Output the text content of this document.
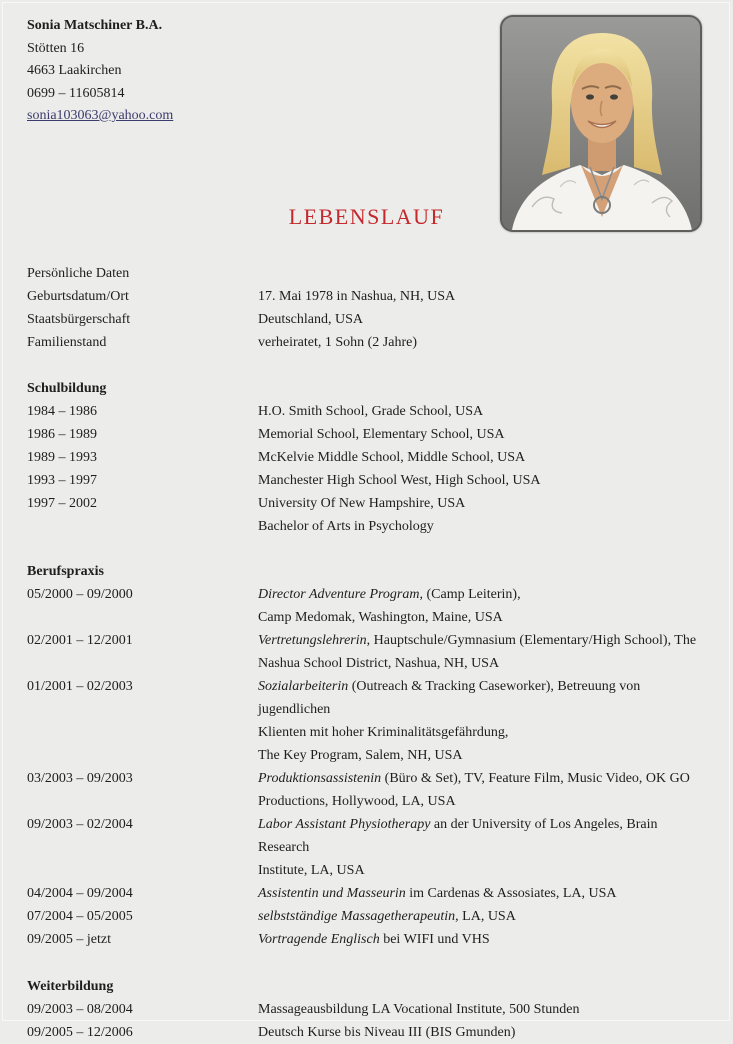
Sonia Matschiner B.A.
Stötten 16
4663 Laakirchen
0699 – 11605814
sonia103063@yahoo.com
LEBENSLAUF
Persönliche Daten
Geburtsdatum/Ort	17. Mai 1978 in Nashua, NH, USA
Staatsbürgerschaft	Deutschland, USA
Familienstand	verheiratet, 1 Sohn (2 Jahre)
Schulbildung
1984 – 1986	H.O. Smith School, Grade School, USA
1986 – 1989	Memorial School, Elementary School, USA
1989 – 1993	McKelvie Middle School, Middle School, USA
1993 – 1997	Manchester High School West, High School, USA
1997 – 2002	University Of New Hampshire, USA
Bachelor of Arts in Psychology
Berufspraxis
05/2000 – 09/2000	Director Adventure Program, (Camp Leiterin),
Camp Medomak, Washington, Maine, USA
02/2001 – 12/2001	Vertretungslehrerin, Hauptschule/Gymnasium (Elementary/High School), The
Nashua School District, Nashua, NH, USA
01/2001 – 02/2003	Sozialarbeiterin (Outreach & Tracking Caseworker), Betreuung von jugendlichen
Klienten mit hoher Kriminalitätsgefährdung,
The Key Program, Salem, NH, USA
03/2003 – 09/2003	Produktionsassistenin (Büro & Set), TV, Feature Film, Music Video, OK GO
Productions, Hollywood, LA, USA
09/2003 – 02/2004	Labor Assistant Physiotherapy an der University of Los Angeles, Brain Research
Institute, LA, USA
04/2004 – 09/2004	Assistentin und Masseurin im Cardenas & Assosiates, LA, USA
07/2004 – 05/2005	selbstständige Massagetherapeutin, LA, USA
09/2005 – jetzt	Vortragende Englisch bei WIFI und VHS
Weiterbildung
09/2003 – 08/2004	Massageausbildung LA Vocational Institute, 500 Stunden
09/2005 – 12/2006	Deutsch Kurse bis Niveau III (BIS Gmunden)
